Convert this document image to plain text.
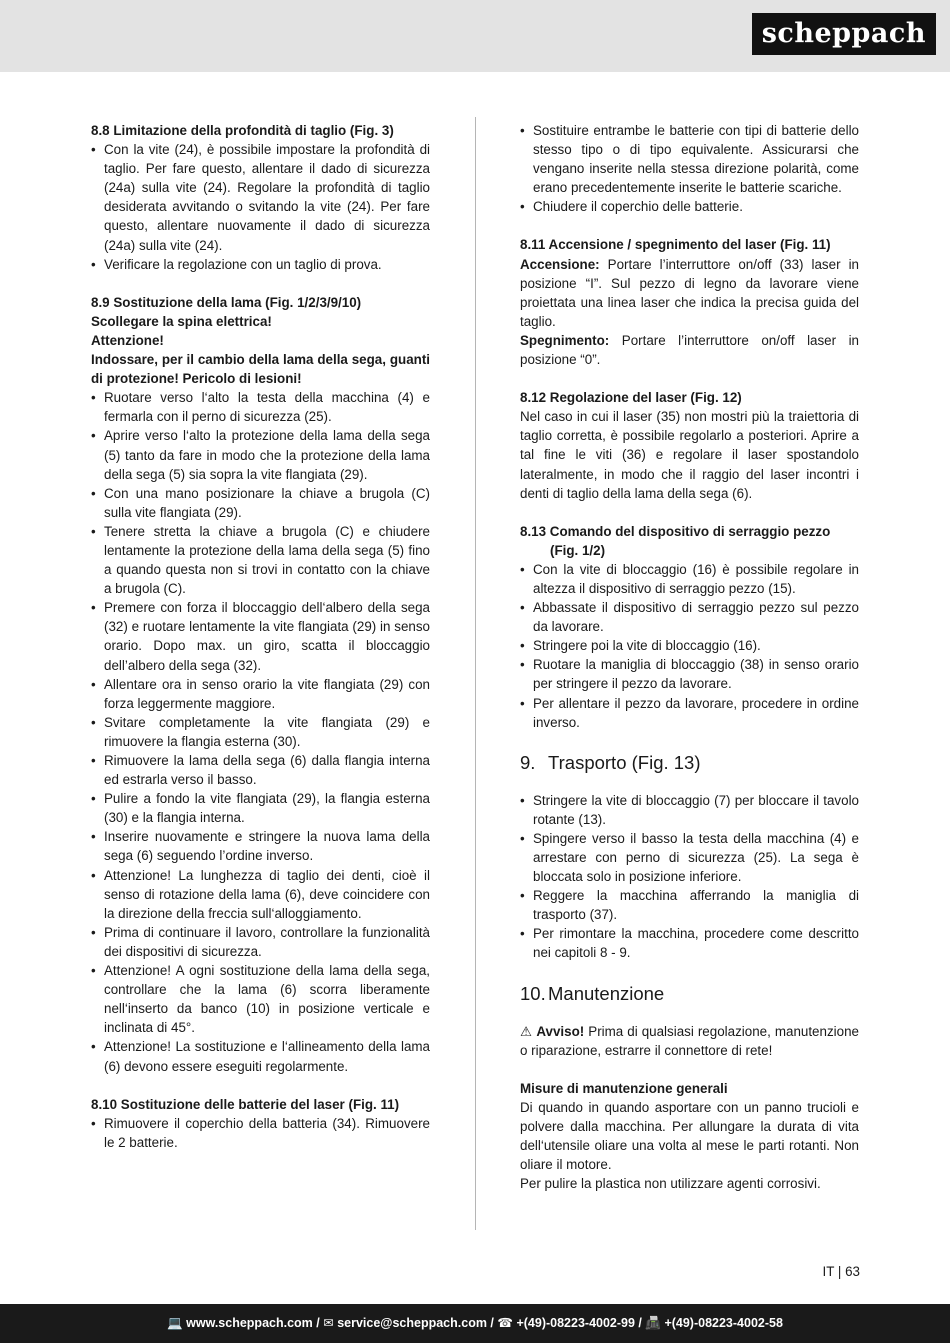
scheppach
8.8 Limitazione della profondità di taglio (Fig. 3)
• Con la vite (24), è possibile impostare la profondità di taglio. Per fare questo, allentare il dado di sicurezza (24a) sulla vite (24). Regolare la profondità di taglio desiderata avvitando o svitando la vite (24). Per fare questo, allentare nuovamente il dado di sicurezza (24a) sulla vite (24).
• Verificare la regolazione con un taglio di prova.
8.9 Sostituzione della lama (Fig. 1/2/3/9/10)
Scollegare la spina elettrica!
Attenzione!

Indossare, per il cambio della lama della sega, guanti di protezione! Pericolo di lesioni!

• Ruotare verso l‘alto la testa della macchina (4) e fermarla con il perno di sicurezza (25).
• Aprire verso l‘alto la protezione della lama della sega (5) tanto da fare in modo che la protezione della lama della sega (5) sia sopra la vite flangiata (29).
• Con una mano posizionare la chiave a brugola (C) sulla vite flangiata (29).
• Tenere stretta la chiave a brugola (C) e chiudere lentamente la protezione della lama della sega (5) fino a quando questa non si trovi in contatto con la chiave a brugola (C).
• Premere con forza il bloccaggio dell‘albero della sega (32) e ruotare lentamente la vite flangiata (29) in senso orario. Dopo max. un giro, scatta il bloccaggio dell’albero della sega (32).
• Allentare ora in senso orario la vite flangiata (29) con forza leggermente maggiore.
• Svitare completamente la vite flangiata (29) e rimuovere la flangia esterna (30).
• Rimuovere la lama della sega (6) dalla flangia interna ed estrarla verso il basso.
• Pulire a fondo la vite flangiata (29), la flangia esterna (30) e la flangia interna.
• Inserire nuovamente e stringere la nuova lama della sega (6) seguendo l’ordine inverso.
• Attenzione! La lunghezza di taglio dei denti, cioè il senso di rotazione della lama (6), deve coincidere con la direzione della freccia sull‘alloggiamento.
• Prima di continuare il lavoro, controllare la funzionalità dei dispositivi di sicurezza.
• Attenzione! A ogni sostituzione della lama della sega, controllare che la lama (6) scorra liberamente nell‘inserto da banco (10) in posizione verticale e inclinata di 45°.
• Attenzione! La sostituzione e l‘allineamento della lama (6) devono essere eseguiti regolarmente.
8.10 Sostituzione delle batterie del laser (Fig. 11)
• Rimuovere il coperchio della batteria (34). Rimuovere le 2 batterie.
• Sostituire entrambe le batterie con tipi di batterie dello stesso tipo o di tipo equivalente. Assicurarsi che vengano inserite nella stessa direzione polarità, come erano precedentemente inserite le batterie scariche.
• Chiudere il coperchio delle batterie.
8.11 Accensione / spegnimento del laser (Fig. 11)

Accensione: Portare l’interruttore on/off (33) laser in posizione “I”. Sul pezzo di legno da lavorare viene proiettata una linea laser che indica la precisa guida del taglio.

Spegnimento: Portare l’interruttore on/off laser in posizione “0”.

8.12 Regolazione del laser (Fig. 12)

Nel caso in cui il laser (35) non mostri più la traiettoria di taglio corretta, è possibile regolarlo a posteriori. Aprire a tal fine le viti (36) e regolare il laser spostandolo lateralmente, in modo che il raggio del laser incontri i denti di taglio della lama della sega (6).

8.13 Comando del dispositivo di serraggio pezzo (Fig. 1/2)
• Con la vite di bloccaggio (16) è possibile regolare in altezza il dispositivo di serraggio pezzo (15).
• Abbassate il dispositivo di serraggio pezzo sul pezzo da lavorare.
• Stringere poi la vite di bloccaggio (16).
• Ruotare la maniglia di bloccaggio (38) in senso orario per stringere il pezzo da lavorare.
• Per allentare il pezzo da lavorare, procedere in ordine inverso.
9. Trasporto (Fig. 13)
• Stringere la vite di bloccaggio (7) per bloccare il tavolo rotante (13).
• Spingere verso il basso la testa della macchina (4) e arrestare con perno di sicurezza (25). La sega è bloccata solo in posizione inferiore.
• Reggere la macchina afferrando la maniglia di trasporto (37).
• Per rimontare la macchina, procedere come descritto nei capitoli 8 - 9.
10. Manutenzione

⚠ Avviso! Prima di qualsiasi regolazione, manutenzione o riparazione, estrarre il connettore di rete!

Misure di manutenzione generali

Di quando in quando asportare con un panno trucioli e polvere dalla macchina. Per allungare la durata di vita dell‘utensile oliare una volta al mese le parti rotanti. Non oliare il motore.

Per pulire la plastica non utilizzare agenti corrosivi.

IT | 63
💻 www.scheppach.com / ✉ service@scheppach.com / ☎ +(49)-08223-4002-99 / 📠 +(49)-08223-4002-58
